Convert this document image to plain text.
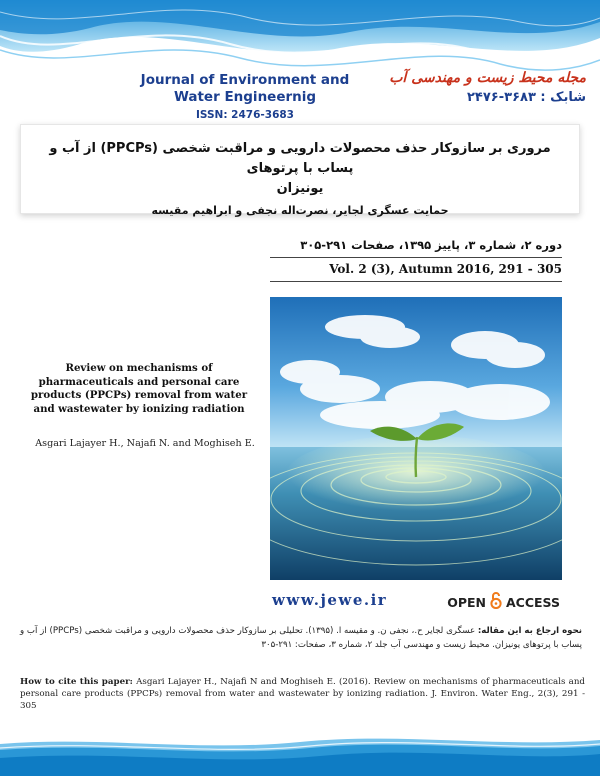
Journal of Environment and
Water Engineernig
ISSN: 2476-3683
مجله محیط زیست و مهندسی آب
شابک : ۳۶۸۳-۲۴۷۶
مروری بر سازوکار حذف محصولات دارویی و مراقبت شخصی (PPCPs) از آب و پساب با پرتوهای
یونیزان
حمایت عسگری لجایر، نصرت‌اله نجفی و ابراهیم مقیسه
دوره ۲، شماره ۳، پاییز ۱۳۹۵، صفحات ۲۹۱-۳۰۵
Vol. 2 (3), Autumn 2016, 291 - 305
Review on mechanisms of pharmaceuticals and personal care products (PPCPs) removal from water and wastewater by ionizing radiation
Asgari Lajayer H., Najafi N. and Moghiseh E.
www.jewe.ir	OPEN ACCESS
نحوه ارجاع به این مقاله: عسگری لجایر ح.، نجفی ن. و مقیسه ا. (۱۳۹۵). تحلیلی بر سازوکار حذف محصولات دارویی و مراقبت شخصی (PPCPs) از آب و پساب با پرتوهای یونیزان. محیط زیست و مهندسی آب جلد ۲، شماره ۳، صفحات: ۲۹۱-۳۰۵
How to cite this paper: Asgari Lajayer H., Najafi N and Moghiseh E. (2016). Review on mechanisms of pharmaceuticals and personal care products (PPCPs) removal from water and wastewater by ionizing radiation. J. Environ. Water Eng., 2(3), 291 - 305
